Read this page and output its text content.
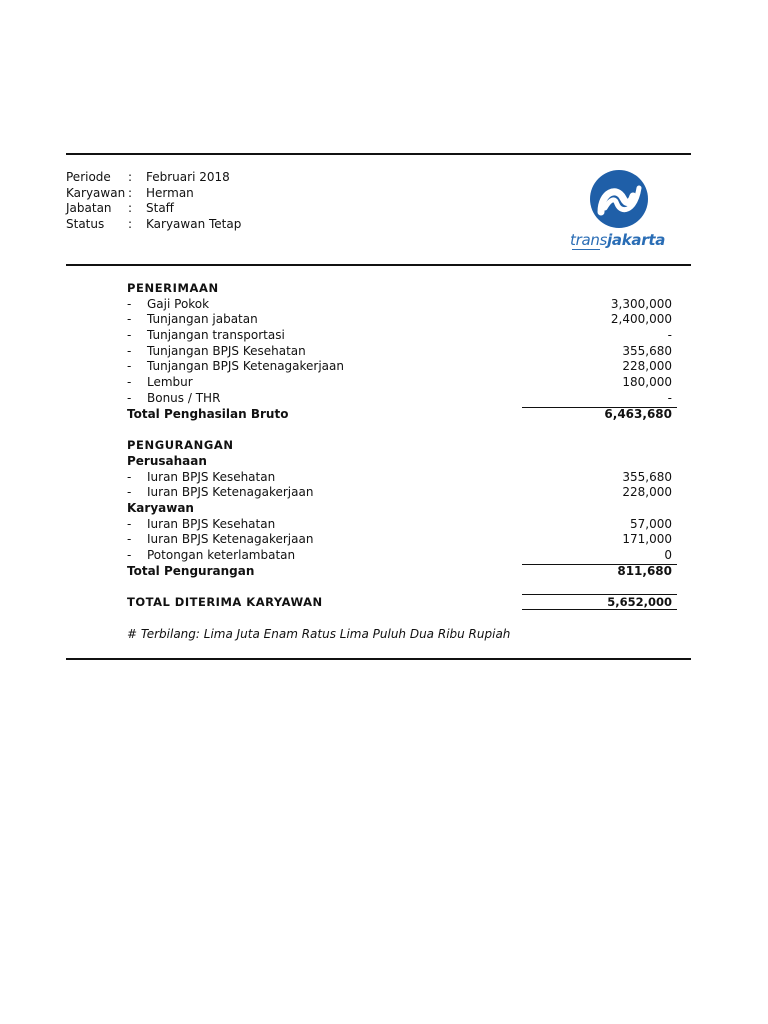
Periode	:	Februari 2018
Karyawan :	Herman
Jabatan	:	Staff
Status	:	Karyawan Tetap
transjakarta
PENERIMAAN
- Gaji Pokok	3,300,000
- Tunjangan jabatan	2,400,000
- Tunjangan transportasi	-
- Tunjangan BPJS Kesehatan	355,680
- Tunjangan BPJS Ketenagakerjaan	228,000
- Lembur	180,000
- Bonus / THR	-
Total Penghasilan Bruto	6,463,680
PENGURANGAN
Perusahaan
- Iuran BPJS Kesehatan	355,680
- Iuran BPJS Ketenagakerjaan	228,000
Karyawan
- Iuran BPJS Kesehatan	57,000
- Iuran BPJS Ketenagakerjaan	171,000
- Potongan keterlambatan	0
Total Pengurangan	811,680
TOTAL DITERIMA KARYAWAN	5,652,000
# Terbilang: Lima Juta Enam Ratus Lima Puluh Dua Ribu Rupiah
